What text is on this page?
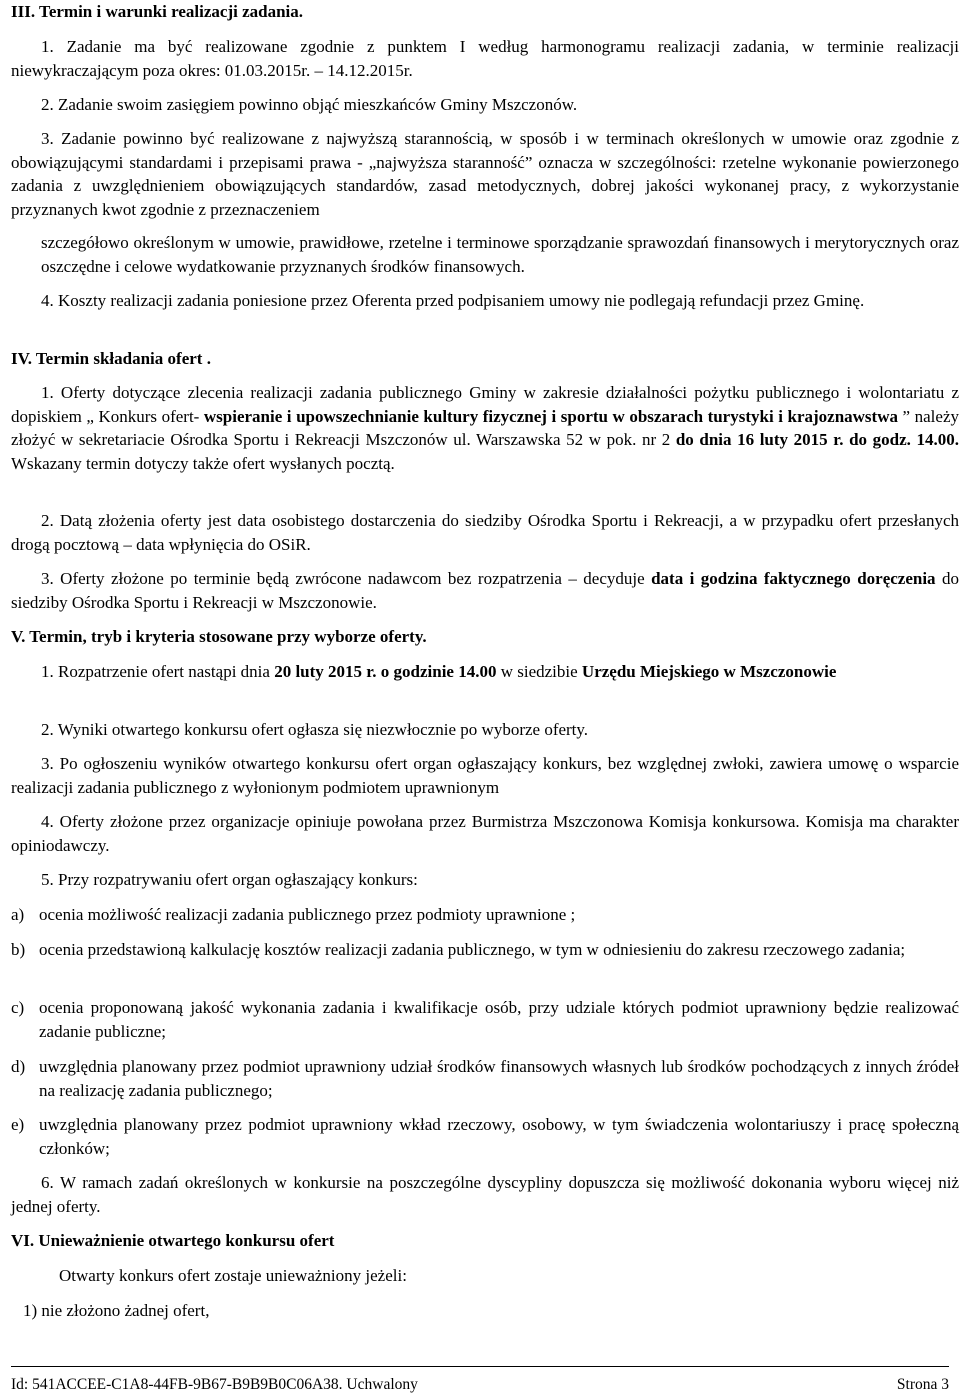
III. Termin i warunki realizacji zadania.
1. Zadanie ma być realizowane zgodnie z punktem I według harmonogramu realizacji zadania, w terminie realizacji niewykraczającym poza okres: 01.03.2015r. – 14.12.2015r.
2. Zadanie swoim zasięgiem powinno objąć mieszkańców Gminy Mszczonów.
3. Zadanie powinno być realizowane z najwyższą starannością, w sposób i w terminach określonych w umowie oraz zgodnie z obowiązującymi standardami i przepisami prawa - „najwyższa staranność” oznacza w szczególności: rzetelne wykonanie powierzonego zadania z uwzględnieniem obowiązujących standardów, zasad metodycznych, dobrej jakości wykonanej pracy, z wykorzystanie przyznanych kwot zgodnie z przeznaczeniem
szczegółowo określonym w umowie, prawidłowe, rzetelne i terminowe sporządzanie sprawozdań finansowych i merytorycznych oraz oszczędne i celowe wydatkowanie przyznanych środków finansowych.
4. Koszty realizacji zadania poniesione przez Oferenta przed podpisaniem umowy nie podlegają refundacji przez Gminę.
IV. Termin składania ofert .
1. Oferty dotyczące zlecenia realizacji zadania publicznego Gminy w zakresie działalności pożytku publicznego i wolontariatu z dopiskiem „ Konkurs ofert- wspieranie i upowszechnianie kultury fizycznej i sportu w obszarach turystyki i krajoznawstwa ” należy złożyć w sekretariacie Ośrodka Sportu i Rekreacji Mszczonów ul. Warszawska 52 w pok. nr 2 do dnia 16 luty 2015 r. do godz. 14.00. Wskazany termin dotyczy także ofert wysłanych pocztą.
2. Datą złożenia oferty jest data osobistego dostarczenia do siedziby Ośrodka Sportu i Rekreacji, a w przypadku ofert przesłanych drogą pocztową – data wpłynięcia do OSiR.
3. Oferty złożone po terminie będą zwrócone nadawcom bez rozpatrzenia – decyduje data i godzina faktycznego doręczenia do siedziby Ośrodka Sportu i Rekreacji w Mszczonowie.
V. Termin, tryb i kryteria stosowane przy wyborze oferty.
1. Rozpatrzenie ofert nastąpi dnia 20 luty 2015 r. o godzinie 14.00 w siedzibie Urzędu Miejskiego w Mszczonowie
2. Wyniki otwartego konkursu ofert ogłasza się niezwłocznie po wyborze oferty.
3. Po ogłoszeniu wyników otwartego konkursu ofert organ ogłaszający konkurs, bez względnej zwłoki, zawiera umowę o wsparcie realizacji zadania publicznego z wyłonionym podmiotem uprawnionym
4. Oferty złożone przez organizacje opiniuje powołana przez Burmistrza Mszczonowa Komisja konkursowa. Komisja ma charakter opiniodawczy.
5. Przy rozpatrywaniu ofert organ ogłaszający konkurs:
a) ocenia możliwość realizacji zadania publicznego przez podmioty uprawnione ;
b) ocenia przedstawioną kalkulację kosztów realizacji zadania publicznego, w tym w odniesieniu do zakresu rzeczowego zadania;
c) ocenia proponowaną jakość wykonania zadania i kwalifikacje osób, przy udziale których podmiot uprawniony będzie realizować zadanie publiczne;
d) uwzględnia planowany przez podmiot uprawniony udział środków finansowych własnych lub środków pochodzących z innych źródeł na realizację zadania publicznego;
e) uwzględnia planowany przez podmiot uprawniony wkład rzeczowy, osobowy, w tym świadczenia wolontariuszy i pracę społeczną członków;
6. W ramach zadań określonych w konkursie na poszczególne dyscypliny dopuszcza się możliwość dokonania wyboru więcej niż jednej oferty.
VI. Unieważnienie otwartego konkursu ofert
Otwarty konkurs ofert zostaje unieważniony jeżeli:
1) nie złożono żadnej ofert,
Id: 541ACCEE-C1A8-44FB-9B67-B9B9B0C06A38. Uchwalony	Strona 3
